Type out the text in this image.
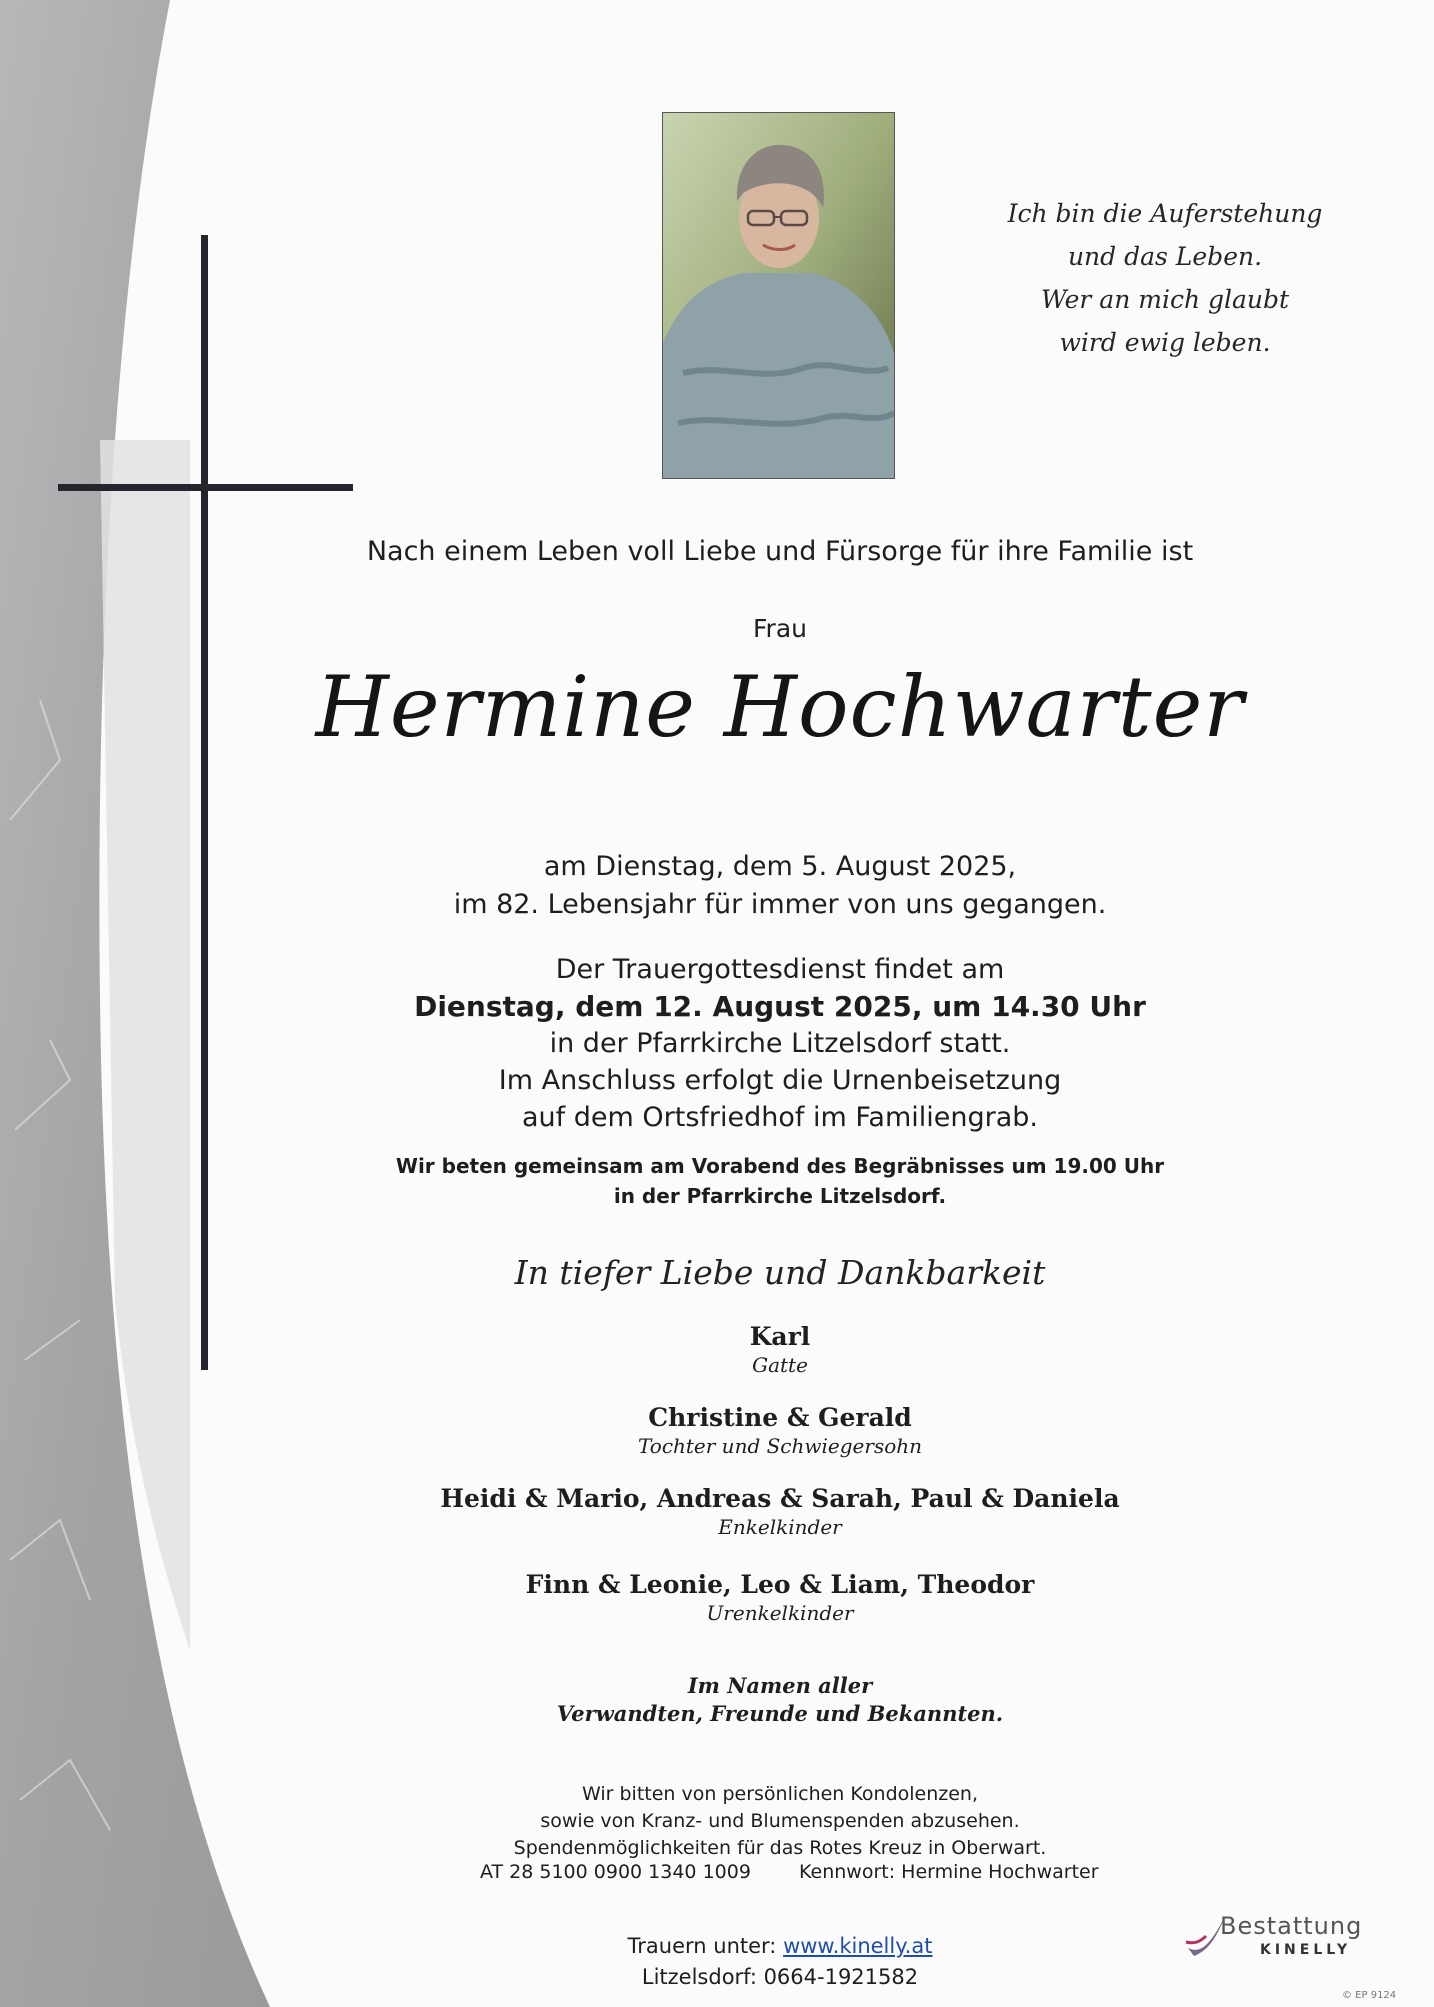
Ich bin die Auferstehung
und das Leben.
Wer an mich glaubt
wird ewig leben.
Nach einem Leben voll Liebe und Fürsorge für ihre Familie ist
Frau
Hermine Hochwarter
am Dienstag, dem 5. August 2025,
im 82. Lebensjahr für immer von uns gegangen.
Der Trauergottesdienst findet am
Dienstag, dem 12. August 2025, um 14.30 Uhr
in der Pfarrkirche Litzelsdorf statt.
Im Anschluss erfolgt die Urnenbeisetzung
auf dem Ortsfriedhof im Familiengrab.
Wir beten gemeinsam am Vorabend des Begräbnisses um 19.00 Uhr
in der Pfarrkirche Litzelsdorf.
In tiefer Liebe und Dankbarkeit
Karl
Gatte
Christine & Gerald
Tochter und Schwiegersohn
Heidi & Mario, Andreas & Sarah, Paul & Daniela
Enkelkinder
Finn & Leonie, Leo & Liam, Theodor
Urenkelkinder
Im Namen aller
Verwandten, Freunde und Bekannten.
Wir bitten von persönlichen Kondolenzen,
sowie von Kranz- und Blumenspenden abzusehen.
Spendenmöglichkeiten für das Rotes Kreuz in Oberwart.
AT 28 5100 0900 1340 1009	Kennwort: Hermine Hochwarter
Trauern unter: www.kinelly.at
Litzelsdorf: 0664-1921582
Bestattung
KINELLY
© EP 9124
